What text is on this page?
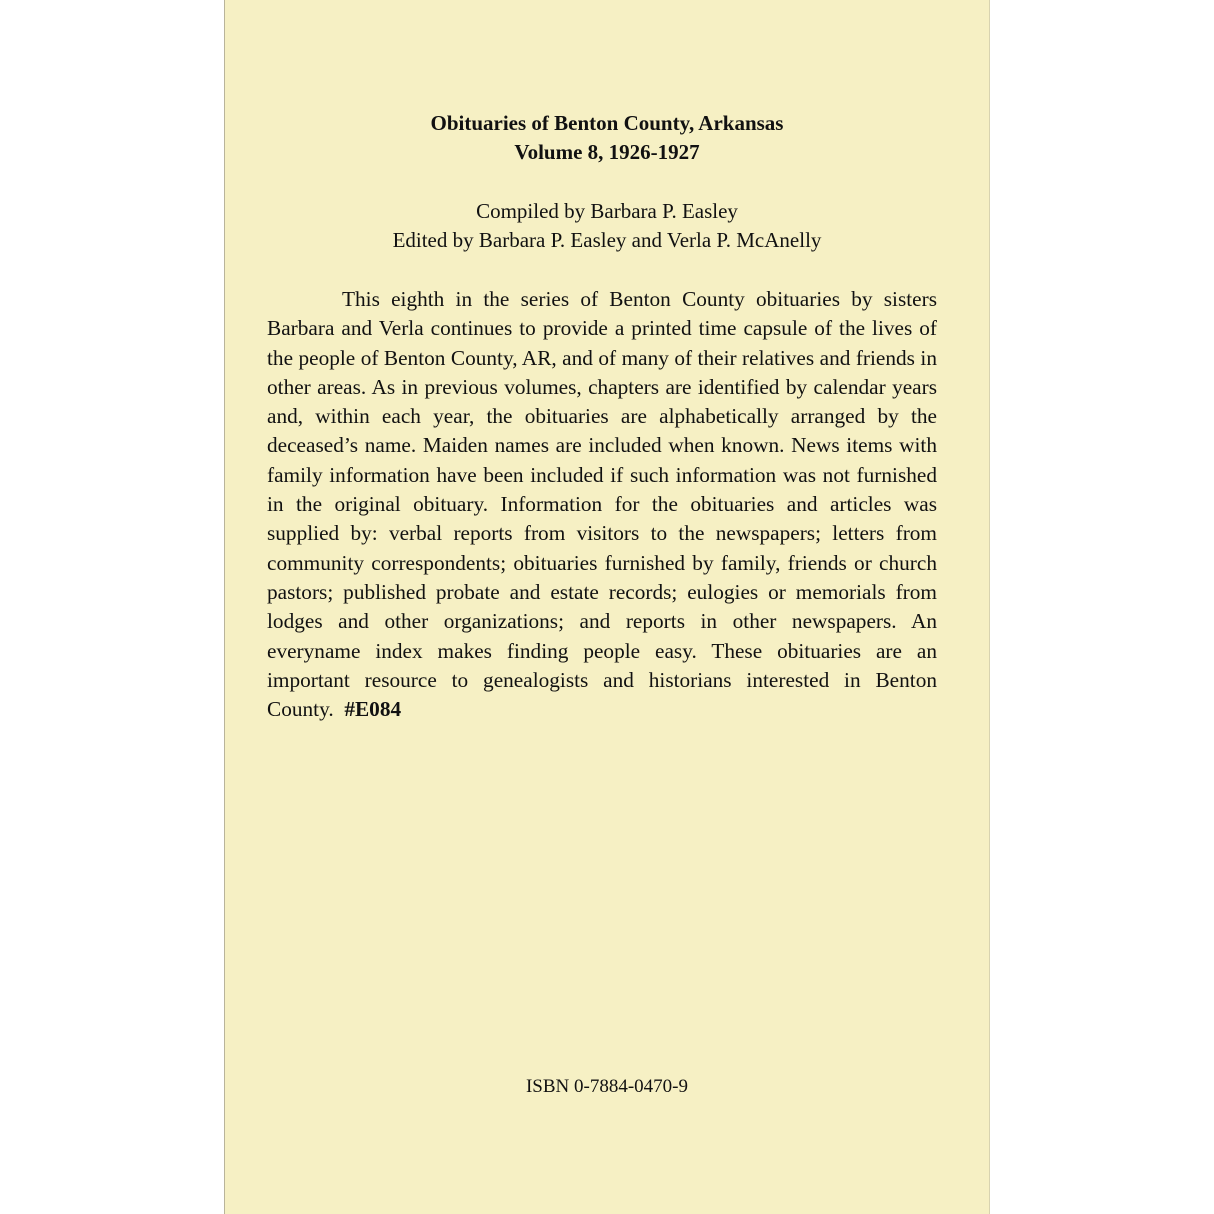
Obituaries of Benton County, Arkansas
Volume 8, 1926-1927
Compiled by Barbara P. Easley
Edited by Barbara P. Easley and Verla P. McAnelly

This eighth in the series of Benton County obituaries by sisters Barbara and Verla continues to provide a printed time capsule of the lives of the people of Benton County, AR, and of many of their relatives and friends in other areas. As in previous volumes, chapters are identified by calendar years and, within each year, the obituaries are alphabetically arranged by the deceased’s name. Maiden names are included when known. News items with family information have been included if such information was not furnished in the original obituary. Information for the obituaries and articles was supplied by: verbal reports from visitors to the newspapers; letters from community correspondents; obituaries furnished by family, friends or church pastors; published probate and estate records; eulogies or memorials from lodges and other organizations; and reports in other newspapers. An everyname index makes finding people easy. These obituaries are an important resource to genealogists and historians interested in Benton County. #E084

ISBN 0-7884-0470-9
